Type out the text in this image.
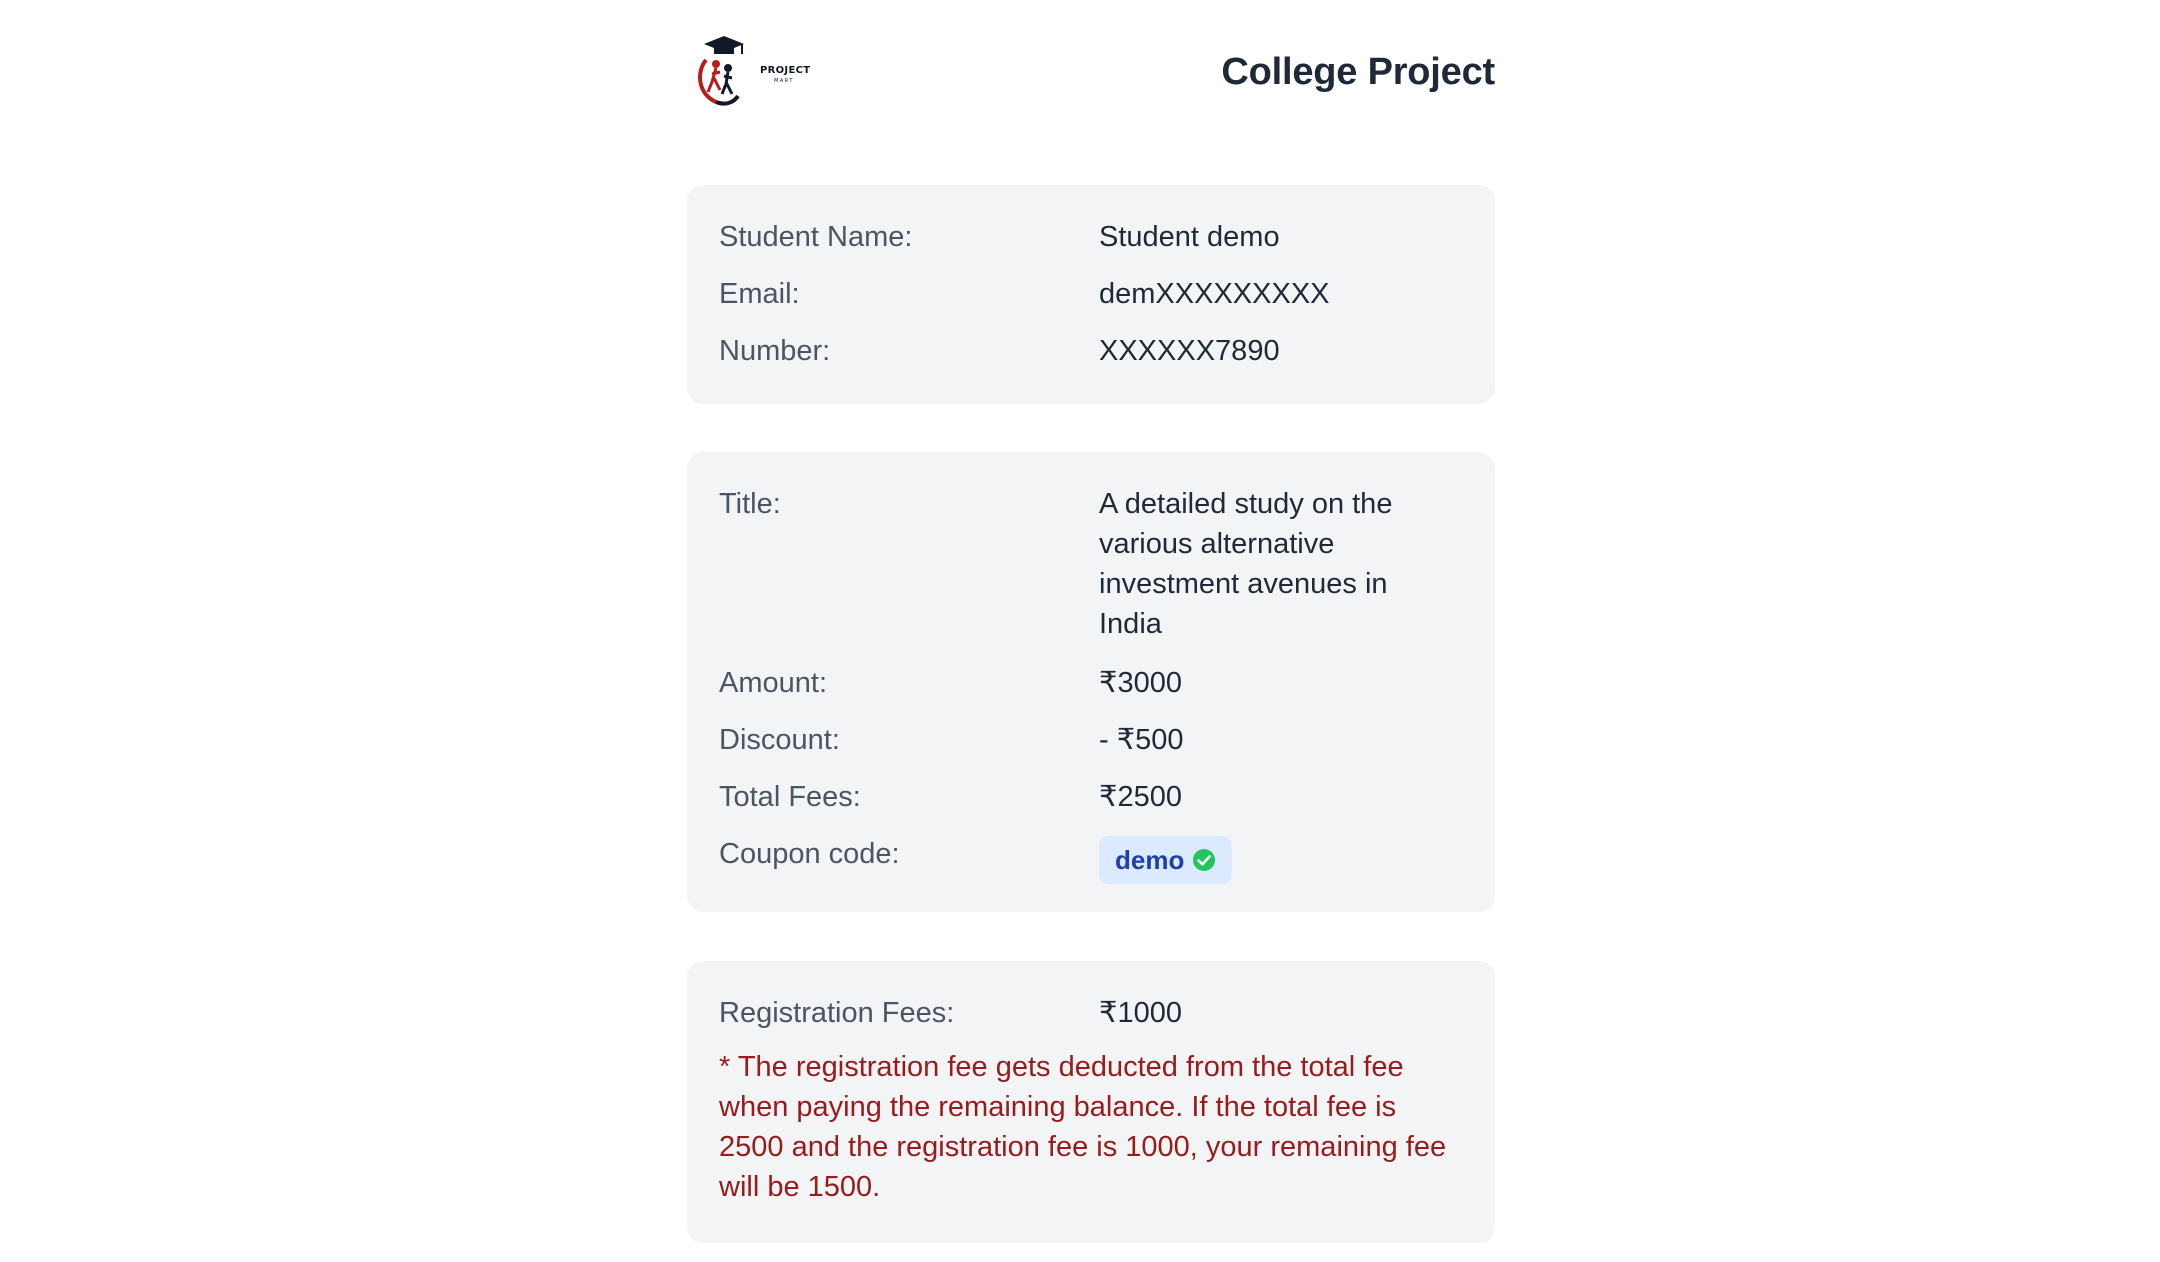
PROJECT
MART	College Project
Student Name:	Student demo
Email:	demXXXXXXXXX
Number:	XXXXXX7890
Title:	A detailed study on the various alternative investment avenues in India
Amount:	₹3000
Discount:	- ₹500
Total Fees:	₹2500
Coupon code:	demo
Registration Fees:	₹1000
* The registration fee gets deducted from the total fee when paying the remaining balance. If the total fee is 2500 and the registration fee is 1000, your remaining fee will be 1500.
